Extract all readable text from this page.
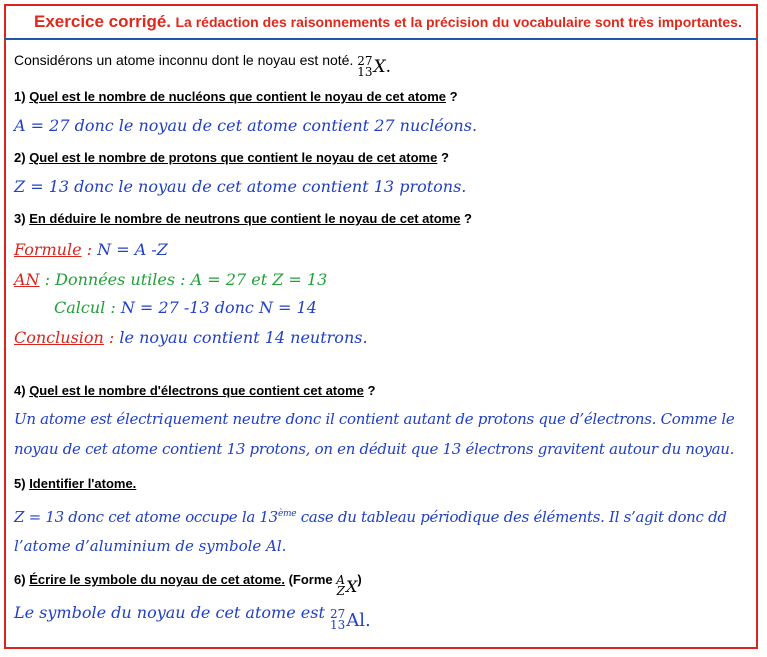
Exercice corrigé. La rédaction des raisonnements et la précision du vocabulaire sont très importantes.
Considérons un atome inconnu dont le noyau est noté. 27
13 X .
1) Quel est le nombre de nucléons que contient le noyau de cet atome ?
A = 27 donc le noyau de cet atome contient 27 nucléons.
2) Quel est le nombre de protons que contient le noyau de cet atome ?
Z = 13 donc le noyau de cet atome contient 13 protons.
3) En déduire le nombre de neutrons que contient le noyau de cet atome ?
Formule : N = A -Z
AN : Données utiles : A = 27 et Z = 13
Calcul : N = 27 -13 donc N = 14
Conclusion : le noyau contient 14 neutrons.
4) Quel est le nombre d'électrons que contient cet atome ?
Un atome est électriquement neutre donc il contient autant de protons que d’électrons. Comme le
noyau de cet atome contient 13 protons, on en déduit que 13 électrons gravitent autour du noyau.
5) Identifier l'atome.
Z = 13 donc cet atome occupe la 13ème case du tableau périodique des éléments. Il s’agit donc dd
l’atome d’aluminium de symbole Al.
6) Écrire le symbole du noyau de cet atome. (Forme A
Z X )
Le symbole du noyau de cet atome est 27
13 Al .
